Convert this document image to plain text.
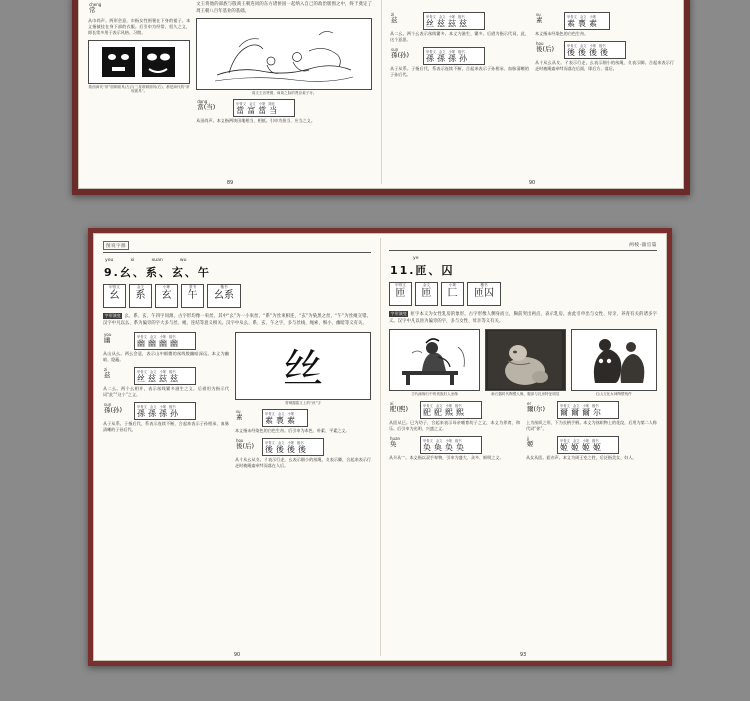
cheng
常
从巾尚声。两形会意，巾指女性围裹在下身的裙子。本义指披挂在身下部的衣服。后引申为经常、恒久之义，即长常多用于表示风格、习惯。
陕西商代“常”面铜面具(左)与三星堆铜面具(右)，都是商代的“常规面具”。
文王将他的部族与殷商王朝连同的东方诸侯国一起纳入自己的政治版图之中，终于奠定了周王朝八百年基业的基础。
周文王访贤图，商周之际的贤臣姜子牙。
dang
當(当)	甲骨文 金文 小篆 简化
當 富 當 当
从田尚声。本义指两块田地相当、相抵。引申为担当、应当之义。
89

zi
兹	甲骨文 金文 小篆 楷书
丝 兹 玆 兹
从二幺。两个幺表示丝线繁多。本义为滋生、繁多。后借为指示代词，此、这个意思。
sun
孫(孙)	甲骨文 金文 小篆 楷书
孫 孫 孫 孙
从子从系。子指后代，系表示连续不断，合起来表示子孙相承、血脉清晰的子孙后代。

su
素	甲骨文 金文 小篆
素 褭 素
本义指未经染色的白色生帛。
hou
後(后)	甲骨文 金文 小篆 楷书
後 後 後 後
从彳从幺从夊。彳表示行走，幺表示细小的丝绳，夊表示脚。合起来表示行走时被绳索牵绊而落在后面，即后方、落后。
90
图说字源
you	xi	xuan	wu
9.幺、系、玄、午
甲骨文
幺
金文
系
小篆
玄
隶书
午
楷书
幺系
字形演变 幺、系、玄、午四字同源，古字形均像一束丝，其中“幺”为一小束丝，“系”为丝束相连，“玄”为染黑之丝，“午”为丝绳交错。汉字中凡以幺、系为偏旁的字大多与丝、绳、连结等意义相关。汉字中从幺、系、玄、午之字，多与丝线、绳索、细小、幽暗等义有关。
you
幽	甲骨文 金文 小篆 楷书
幽 幽 幽 幽
从山从幺。两幺会意，表示山中细微的丝线般幽暗深远。本义为幽暗、隐蔽。
zi
兹	甲骨文 金文 小篆 楷书
丝 兹 玆 兹
从二幺。两个幺相并，表示丝线繁多滋生之义。后借用为指示代词“此”“这个”之义。
sun
孫(孙)	甲骨文 金文 小篆 楷书
孫 孫 孫 孙
从子从系。子指后代，系表示连续不断，合起来表示子孙相承、血脉清晰的子孙后代。
丝
青铜器铭文上的“丝”字
su
素	甲骨文 金文 小篆
素 褭 素
本义指未经染色的白色生帛。后引申为本色、朴素、平素之义。
hou
後(后)	甲骨文 金文 小篆 楷书
後 後 後 後
从彳从幺从夊。彳表示行走，幺表示细小的丝绳，夊表示脚，合起来表示行走时被绳索牵绊而落在人后。
90
两棱·器官篇
ye
11.匝、囚
甲骨文
匝
金文
匝
小篆
匚
楷书
匝囚
字形演变 匝字本义为女性乳房的象形。古字形像人侧身而立，胸前突出两点，表示乳房。由此引申出与女性、母亲、养育有关的诸多字义。汉字中凡以匝为偏旁的字，多与女性、母亲等义有关。
古代画像石中的贵族妇人坐像	新石器时代陶塑人像，腹部与乳房特征明显	红山文化女神陶塑残件
xi
巸(熙)	甲骨文 金文 小篆 楷书
巸 巸 熙 熙
从匝从巳。巳为幼子，合起来表示母亲哺育幼子之义，本义为养育、和乐。后引申为光明、兴盛之义。
huan
奂	甲骨文 金文 小篆 楷书
奂 奐 奂 奂
从廾从宀。本义指以双手奉物，引申为盛大、众多、鲜明之义。
er
爾(尔)	甲骨文 金文 小篆 楷书
爾 爾 爾 尔
上为丝织之形，下为长柄手柄。本义为丝织物上的花纹，后用为第二人称代词“你”。
ji
姬	甲骨文 金文 小篆 楷书
姬 姬 姬 姬
从女从匝。匝亦声。本义为周王室之姓，后泛指美女、妇人。
93
